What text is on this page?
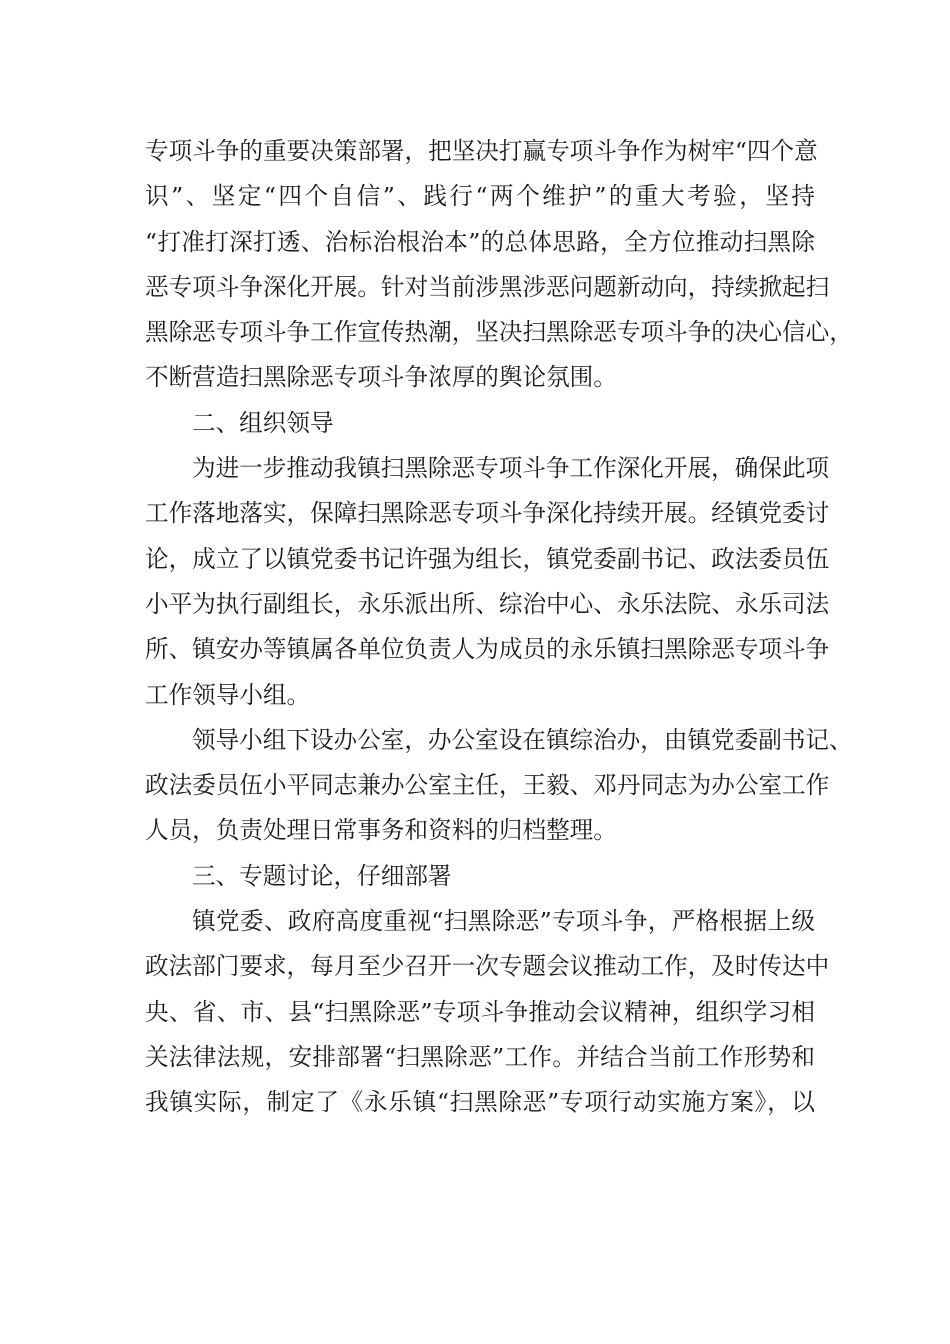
专项斗争的重要决策部署，把坚决打赢专项斗争作为树牢“四个意
识”、坚定“四个自信”、践行“两个维护”的重大考验，坚持
“打准打深打透、治标治根治本”的总体思路，全方位推动扫黑除
恶专项斗争深化开展。针对当前涉黑涉恶问题新动向，持续掀起扫
黑除恶专项斗争工作宣传热潮，坚决扫黑除恶专项斗争的决心信心，
不断营造扫黑除恶专项斗争浓厚的舆论氛围。
二、组织领导
为进一步推动我镇扫黑除恶专项斗争工作深化开展，确保此项
工作落地落实，保障扫黑除恶专项斗争深化持续开展。经镇党委讨
论，成立了以镇党委书记许强为组长，镇党委副书记、政法委员伍
小平为执行副组长，永乐派出所、综治中心、永乐法院、永乐司法
所、镇安办等镇属各单位负责人为成员的永乐镇扫黑除恶专项斗争
工作领导小组。
领导小组下设办公室，办公室设在镇综治办，由镇党委副书记、
政法委员伍小平同志兼办公室主任，王毅、邓丹同志为办公室工作
人员，负责处理日常事务和资料的归档整理。
三、专题讨论，仔细部署
镇党委、政府高度重视“扫黑除恶”专项斗争，严格根据上级
政法部门要求，每月至少召开一次专题会议推动工作，及时传达中
央、省、市、县“扫黑除恶”专项斗争推动会议精神，组织学习相
关法律法规，安排部署“扫黑除恶”工作。并结合当前工作形势和
我镇实际，制定了《永乐镇“扫黑除恶”专项行动实施方案》，以
